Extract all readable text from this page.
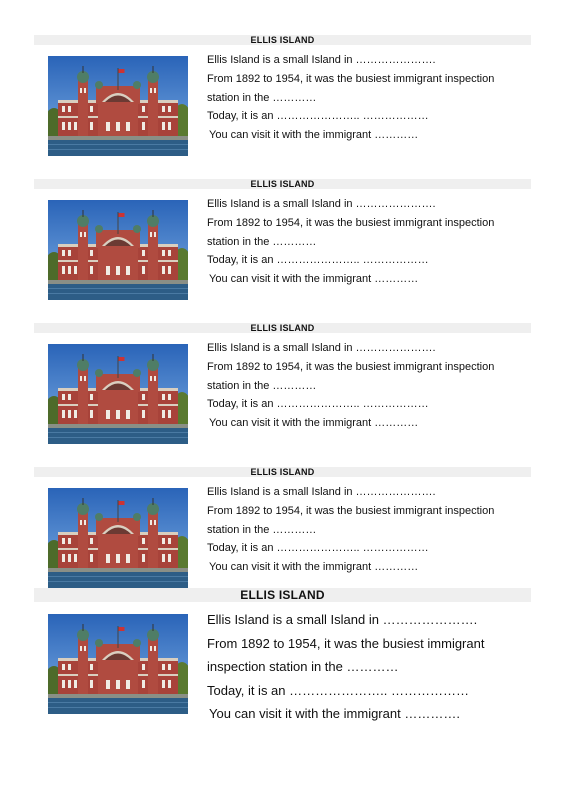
ELLIS ISLAND
Ellis Island is a small Island in ………………….
From 1892 to 1954, it was the busiest immigrant inspection
station in the …………
Today, it is an ………………….. ………………
You can visit it with the immigrant …………
ELLIS ISLAND
Ellis Island is a small Island in ………………….
From 1892 to 1954, it was the busiest immigrant inspection
station in the …………
Today, it is an ………………….. ………………
You can visit it with the immigrant …………
ELLIS ISLAND
Ellis Island is a small Island in ………………….
From 1892 to 1954, it was the busiest immigrant inspection
station in the …………
Today, it is an ………………….. ………………
You can visit it with the immigrant …………
ELLIS ISLAND
Ellis Island is a small Island in ………………….
From 1892 to 1954, it was the busiest immigrant inspection
station in the …………
Today, it is an ………………….. ………………
You can visit it with the immigrant …………
ELLIS ISLAND
Ellis Island is a small Island in ………………….
From 1892 to 1954, it was the busiest immigrant
inspection station in the …………
Today, it is an ………………….. ………………
You can visit it with the immigrant ………….
